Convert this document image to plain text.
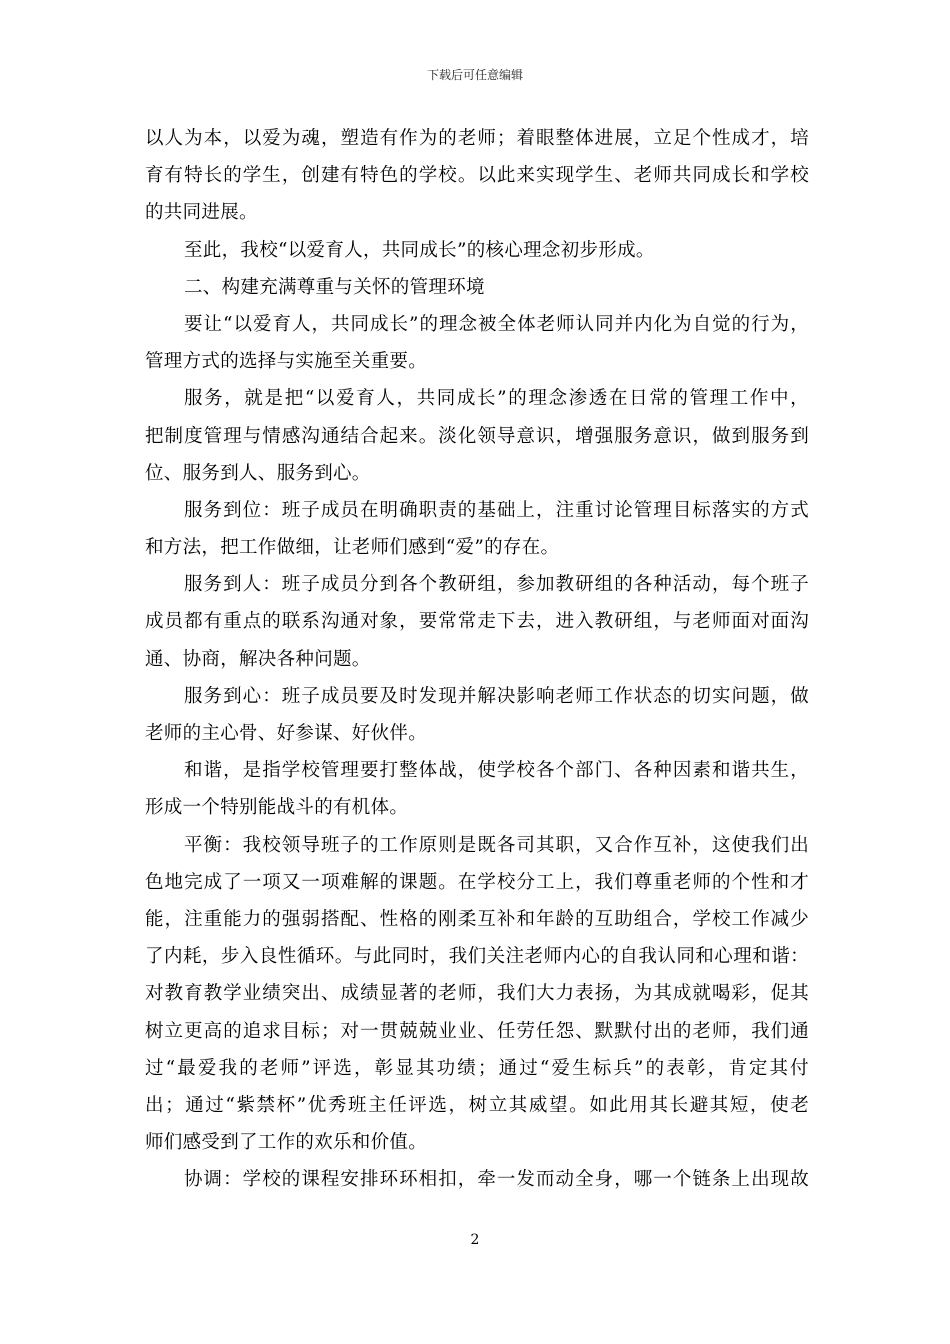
下载后可任意编辑
以人为本，以爱为魂，塑造有作为的老师；着眼整体进展，立足个性成才，培
育有特长的学生，创建有特色的学校。以此来实现学生、老师共同成长和学校
的共同进展。
至此，我校“以爱育人，共同成长”的核心理念初步形成。
二、构建充满尊重与关怀的管理环境
要让“以爱育人，共同成长”的理念被全体老师认同并内化为自觉的行为，
管理方式的选择与实施至关重要。
服务，就是把“以爱育人，共同成长”的理念渗透在日常的管理工作中，
把制度管理与情感沟通结合起来。淡化领导意识，增强服务意识，做到服务到
位、服务到人、服务到心。
服务到位：班子成员在明确职责的基础上，注重讨论管理目标落实的方式
和方法，把工作做细，让老师们感到“爱”的存在。
服务到人：班子成员分到各个教研组，参加教研组的各种活动，每个班子
成员都有重点的联系沟通对象，要常常走下去，进入教研组，与老师面对面沟
通、协商，解决各种问题。
服务到心：班子成员要及时发现并解决影响老师工作状态的切实问题，做
老师的主心骨、好参谋、好伙伴。
和谐，是指学校管理要打整体战，使学校各个部门、各种因素和谐共生，
形成一个特别能战斗的有机体。
平衡：我校领导班子的工作原则是既各司其职，又合作互补，这使我们出
色地完成了一项又一项难解的课题。在学校分工上，我们尊重老师的个性和才
能，注重能力的强弱搭配、性格的刚柔互补和年龄的互助组合，学校工作减少
了内耗，步入良性循环。与此同时，我们关注老师内心的自我认同和心理和谐：
对教育教学业绩突出、成绩显著的老师，我们大力表扬，为其成就喝彩，促其
树立更高的追求目标；对一贯兢兢业业、任劳任怨、默默付出的老师，我们通
过“最爱我的老师”评选，彰显其功绩；通过“爱生标兵”的表彰，肯定其付
出；通过“紫禁杯”优秀班主任评选，树立其威望。如此用其长避其短，使老
师们感受到了工作的欢乐和价值。
协调：学校的课程安排环环相扣，牵一发而动全身，哪一个链条上出现故
2
